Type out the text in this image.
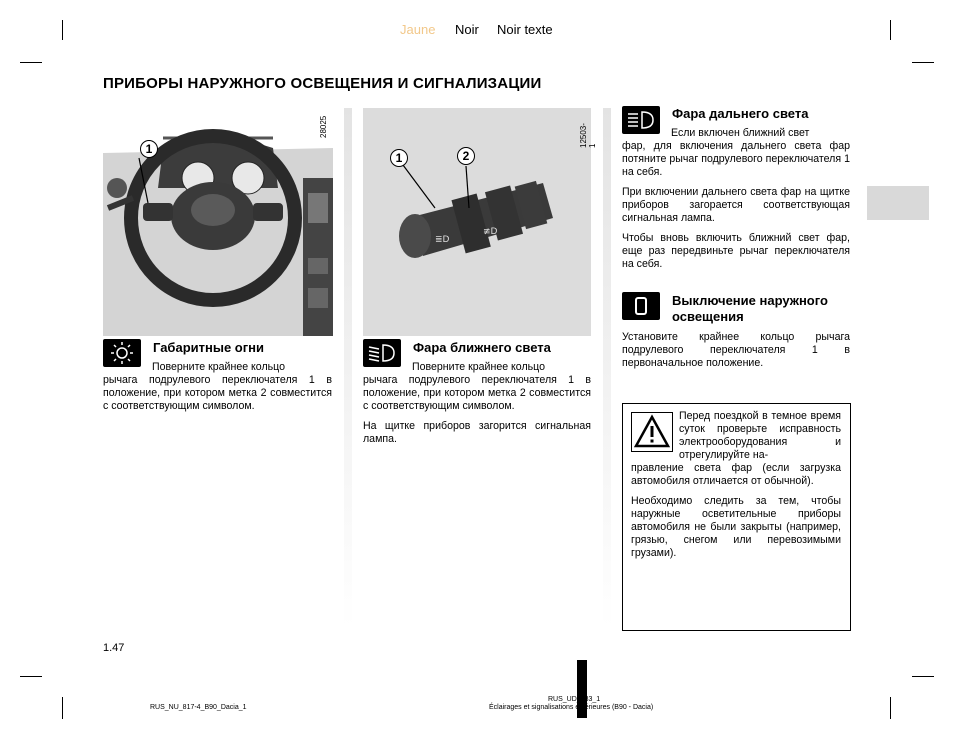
Jaune Noir Noir texte
ПРИБОРЫ НАРУЖНОГО ОСВЕЩЕНИЯ И СИГНАЛИЗАЦИИ
1
28025
≣D
≢D
1	2
12503-1
Габаритные огни

Поверните крайнее кольцо

рычага подрулевого переключателя 1 в положение, при котором метка 2 совместится с соответствующим символом.

Фара ближнего света

Поверните крайнее кольцо

рычага подрулевого переключателя 1 в положение, при котором метка 2 совместится с соответствующим символом.

На щитке приборов загорится сигнальная лампа.

Фара дальнего света

Если включен ближний свет

фар, для включения дальнего света фар потяните рычаг подрулевого переключателя 1 на себя.

При включении дальнего света фар на щитке приборов загорается соответствующая сигнальная лампа.

Чтобы вновь включить ближний свет фар, еще раз передвиньте рычаг переключателя на себя.

Выключение наружного освещения

Установите крайнее кольцо рычага подрулевого переключателя 1 в первоначальное положение.

Перед поездкой в темное время суток проверьте исправность электрооборудования и отрегулируйте на-

правление света фар (если загрузка автомобиля отличается от обычной).

Необходимо следить за тем, чтобы наружные осветительные приборы автомобиля не были закрыты (например, грязью, снегом или перевозимыми грузами).

1.47
RUS_NU_817-4_B90_Dacia_1
RUS_UD__33_1
Éclairages et signalisations extérieures (B90 - Dacia)
